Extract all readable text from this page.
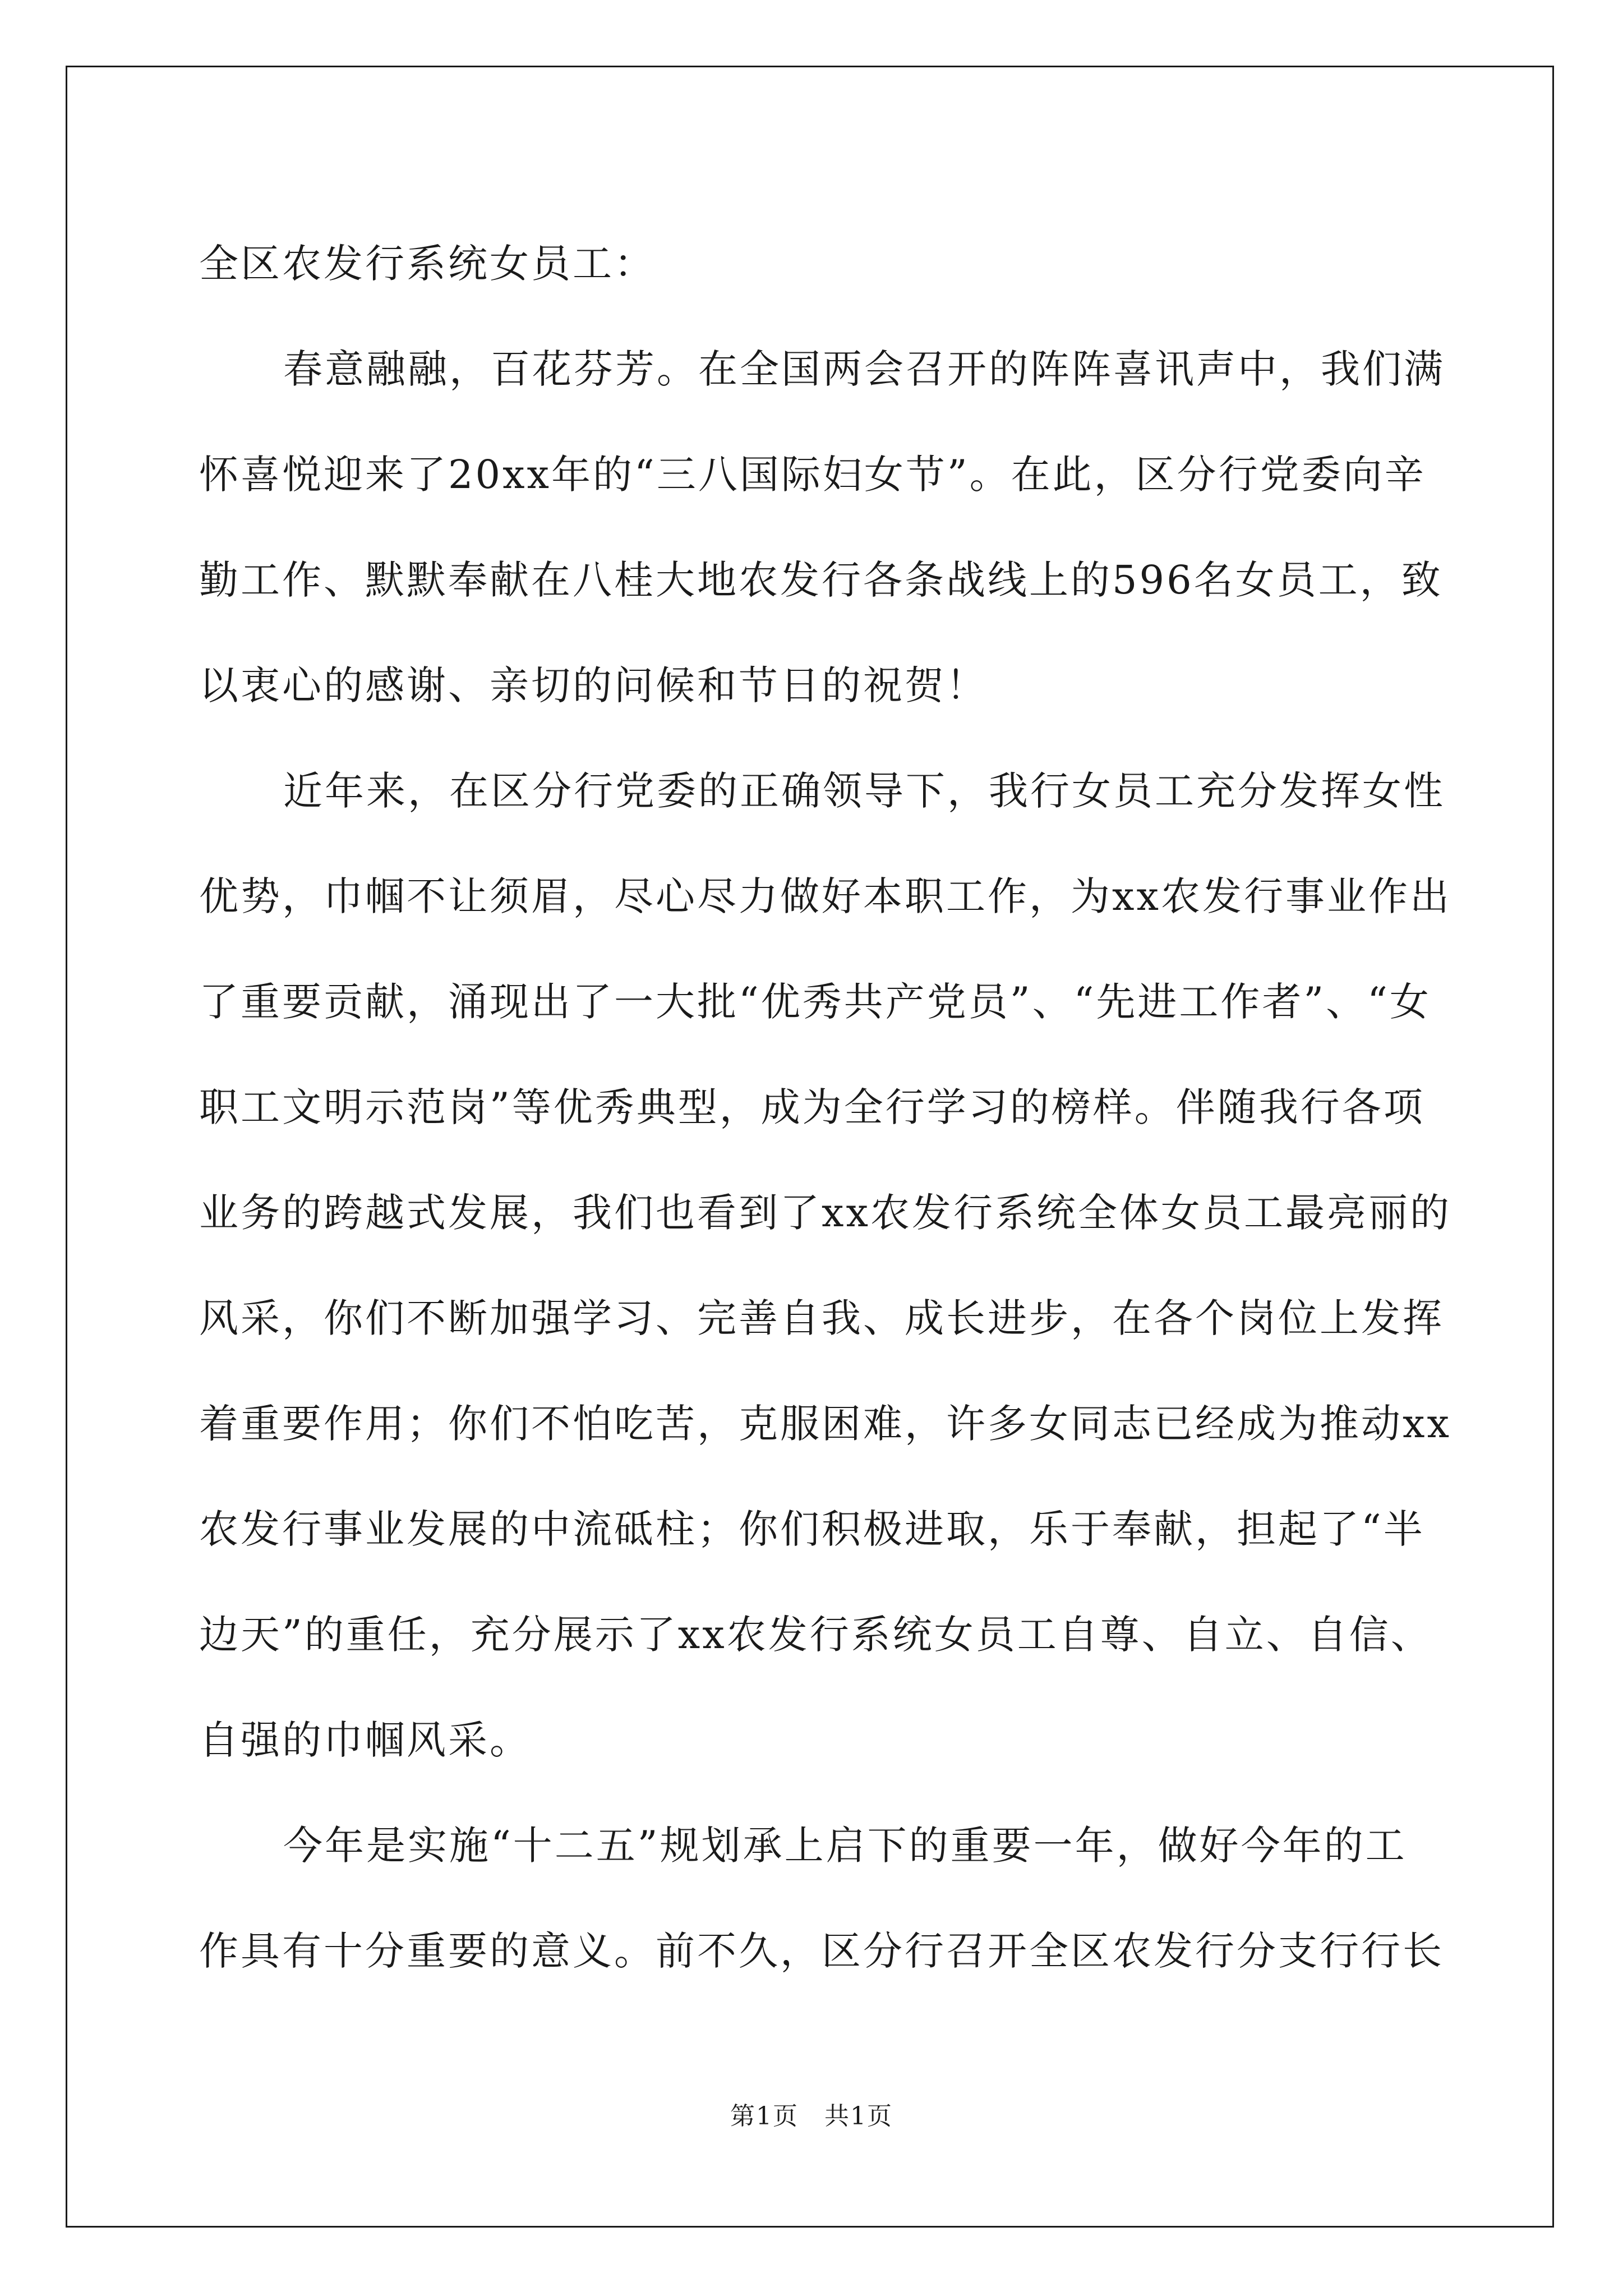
全区农发行系统女员工：
春意融融，百花芬芳。在全国两会召开的阵阵喜讯声中，我们满
怀喜悦迎来了20xx年的“三八国际妇女节”。在此，区分行党委向辛
勤工作、默默奉献在八桂大地农发行各条战线上的596名女员工，致
以衷心的感谢、亲切的问候和节日的祝贺！
近年来，在区分行党委的正确领导下，我行女员工充分发挥女性
优势，巾帼不让须眉，尽心尽力做好本职工作，为xx农发行事业作出
了重要贡献，涌现出了一大批“优秀共产党员”、“先进工作者”、“女
职工文明示范岗”等优秀典型，成为全行学习的榜样。伴随我行各项
业务的跨越式发展，我们也看到了xx农发行系统全体女员工最亮丽的
风采，你们不断加强学习、完善自我、成长进步，在各个岗位上发挥
着重要作用；你们不怕吃苦，克服困难，许多女同志已经成为推动xx
农发行事业发展的中流砥柱；你们积极进取，乐于奉献，担起了“半
边天”的重任，充分展示了xx农发行系统女员工自尊、自立、自信、
自强的巾帼风采。
今年是实施“十二五”规划承上启下的重要一年，做好今年的工
作具有十分重要的意义。前不久，区分行召开全区农发行分支行行长
第1页　共1页
